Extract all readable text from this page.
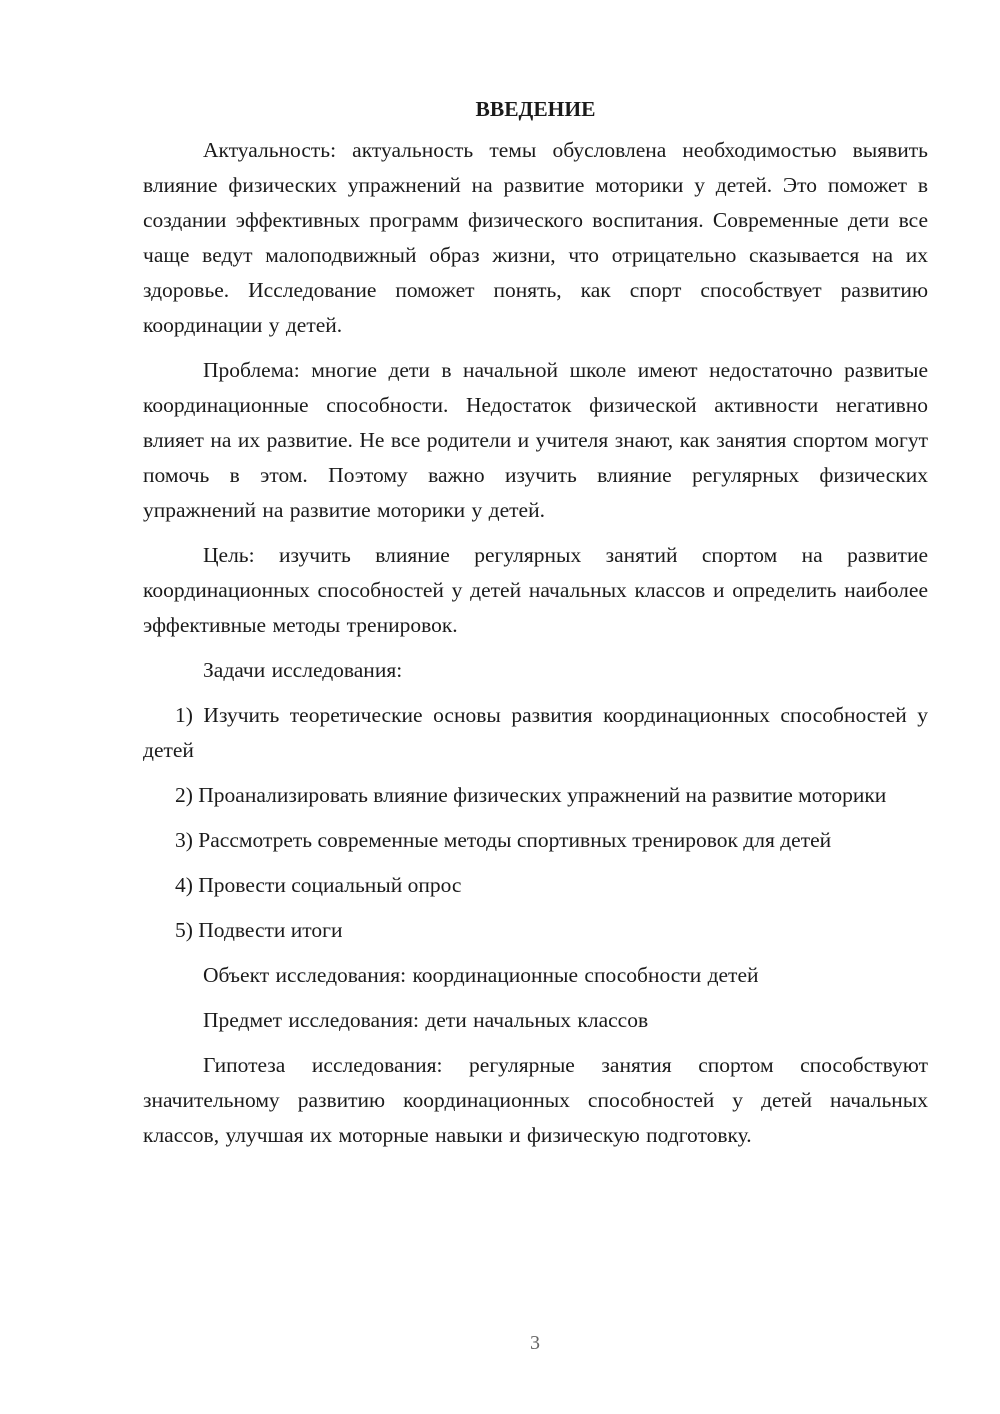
ВВЕДЕНИЕ

Актуальность: актуальность темы обусловлена необходимостью выявить влияние физических упражнений на развитие моторики у детей. Это поможет в создании эффективных программ физического воспитания. Современные дети все чаще ведут малоподвижный образ жизни, что отрицательно сказывается на их здоровье. Исследование поможет понять, как спорт способствует развитию координации у детей.

Проблема: многие дети в начальной школе имеют недостаточно развитые координационные способности. Недостаток физической активности негативно влияет на их развитие. Не все родители и учителя знают, как занятия спортом могут помочь в этом. Поэтому важно изучить влияние регулярных физических упражнений на развитие моторики у детей.

Цель: изучить влияние регулярных занятий спортом на развитие координационных способностей у детей начальных классов и определить наиболее эффективные методы тренировок.

Задачи исследования:

1) Изучить теоретические основы развития координационных способностей у детей

2) Проанализировать влияние физических упражнений на развитие моторики

3) Рассмотреть современные методы спортивных тренировок для детей

4) Провести социальный опрос

5) Подвести итоги

Объект исследования: координационные способности детей

Предмет исследования: дети начальных классов

Гипотеза исследования: регулярные занятия спортом способствуют значительному развитию координационных способностей у детей начальных классов, улучшая их моторные навыки и физическую подготовку.

3
